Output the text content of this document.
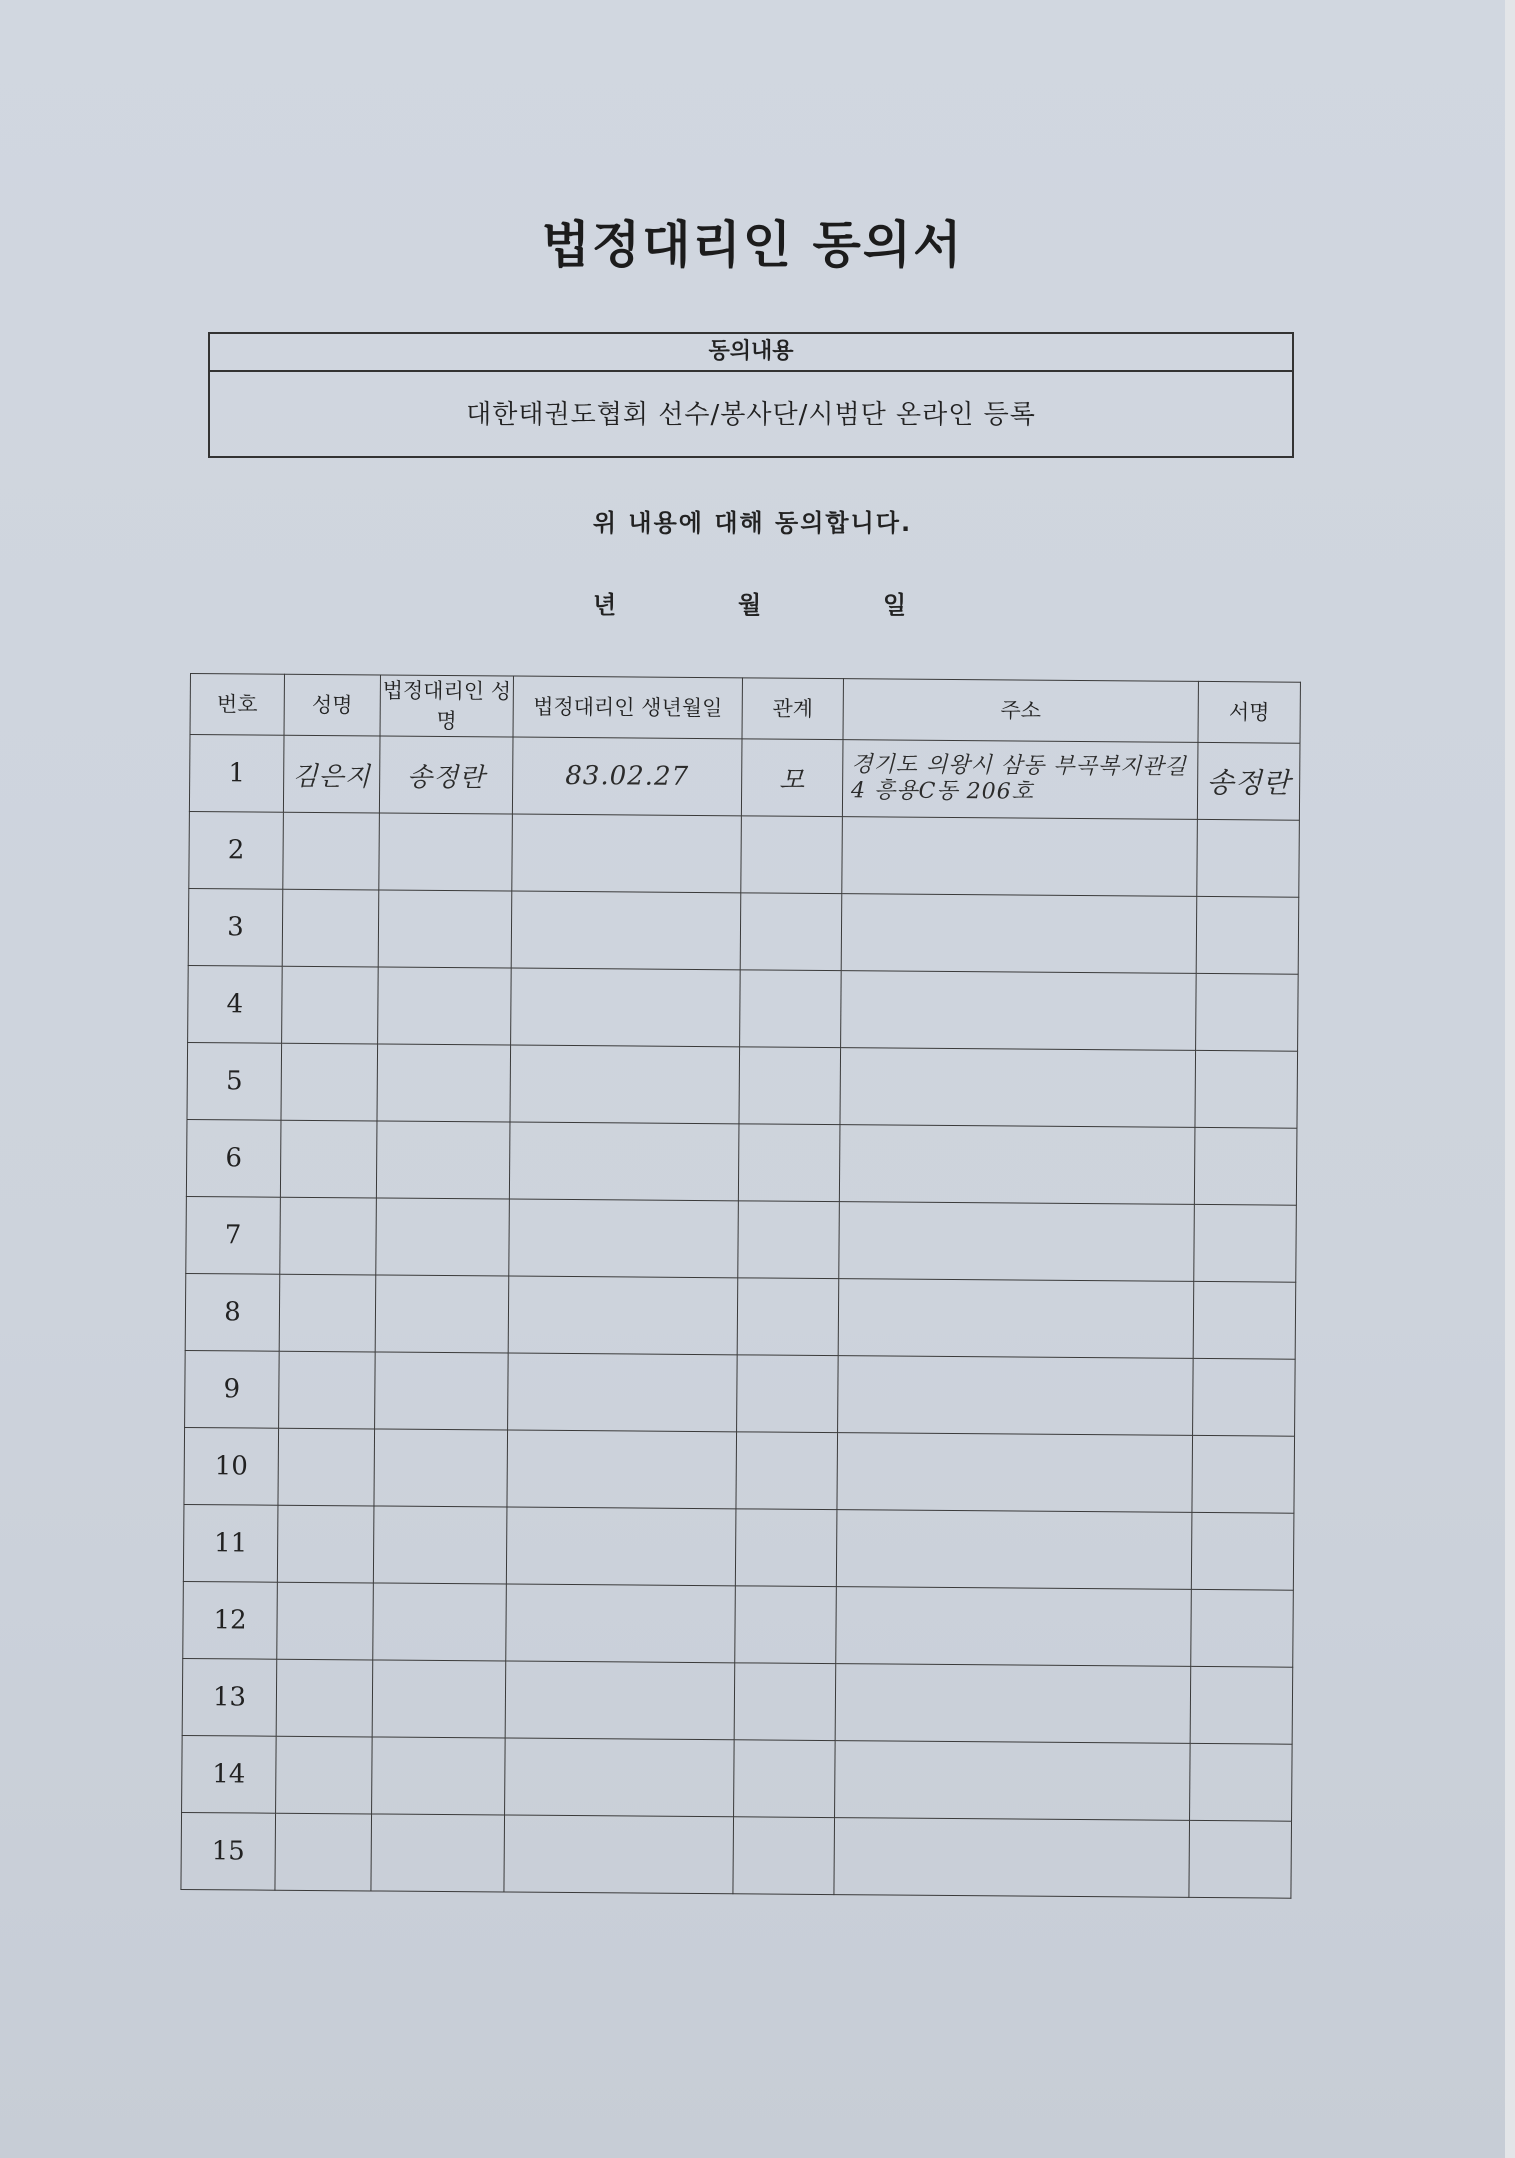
법정대리인 동의서
동의내용
대한태권도협회 선수/봉사단/시범단 온라인 등록
위 내용에 대해 동의합니다.
년	월	일
번호	성명	법정대리인 성명	법정대리인 생년월일	관계	주소	서명
1	김은지	송정란	83.02.27	모	경기도 의왕시 삼동 부곡복지관길 4 흥용C동 206호	송정란
2						
3						
4						
5						
6						
7						
8						
9						
10						
11						
12						
13						
14						
15						
